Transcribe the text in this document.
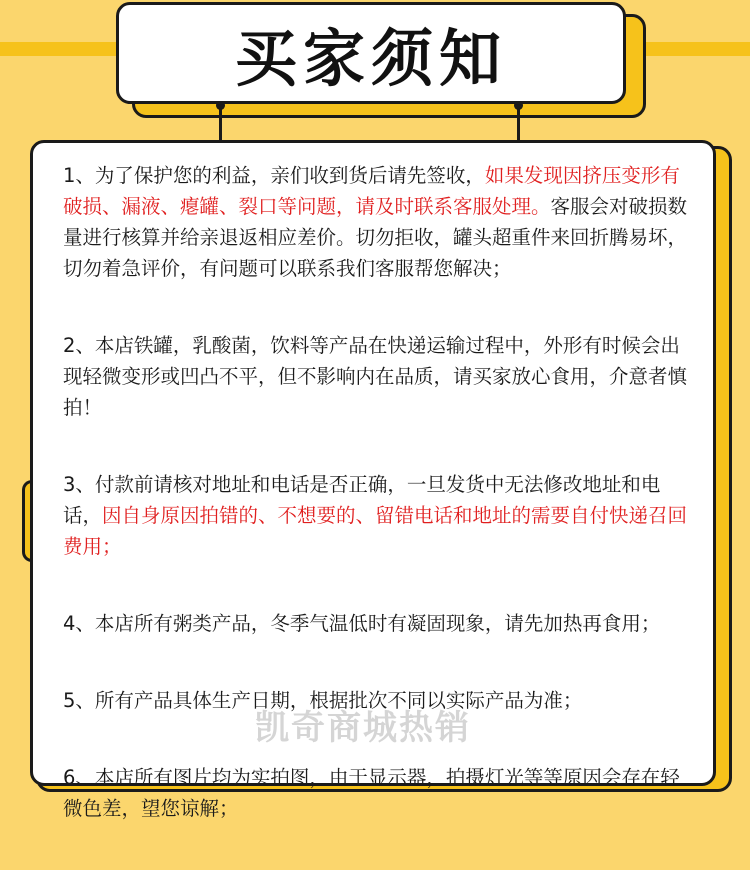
买家须知
1、为了保护您的利益，亲们收到货后请先签收，如果发现因挤压变形有破损、漏液、瘪罐、裂口等问题，请及时联系客服处理。客服会对破损数量进行核算并给亲退返相应差价。切勿拒收，罐头超重件来回折腾易坏，切勿着急评价，有问题可以联系我们客服帮您解决；
2、本店铁罐，乳酸菌，饮料等产品在快递运输过程中，外形有时候会出现轻微变形或凹凸不平，但不影响内在品质，请买家放心食用，介意者慎拍！
3、付款前请核对地址和电话是否正确，一旦发货中无法修改地址和电话，因自身原因拍错的、不想要的、留错电话和地址的需要自付快递召回费用；
4、本店所有粥类产品，冬季气温低时有凝固现象，请先加热再食用；
5、所有产品具体生产日期，根据批次不同以实际产品为准；
6、本店所有图片均为实拍图，由于显示器，拍摄灯光等等原因会存在轻微色差，望您谅解；
凯奇商城热销
